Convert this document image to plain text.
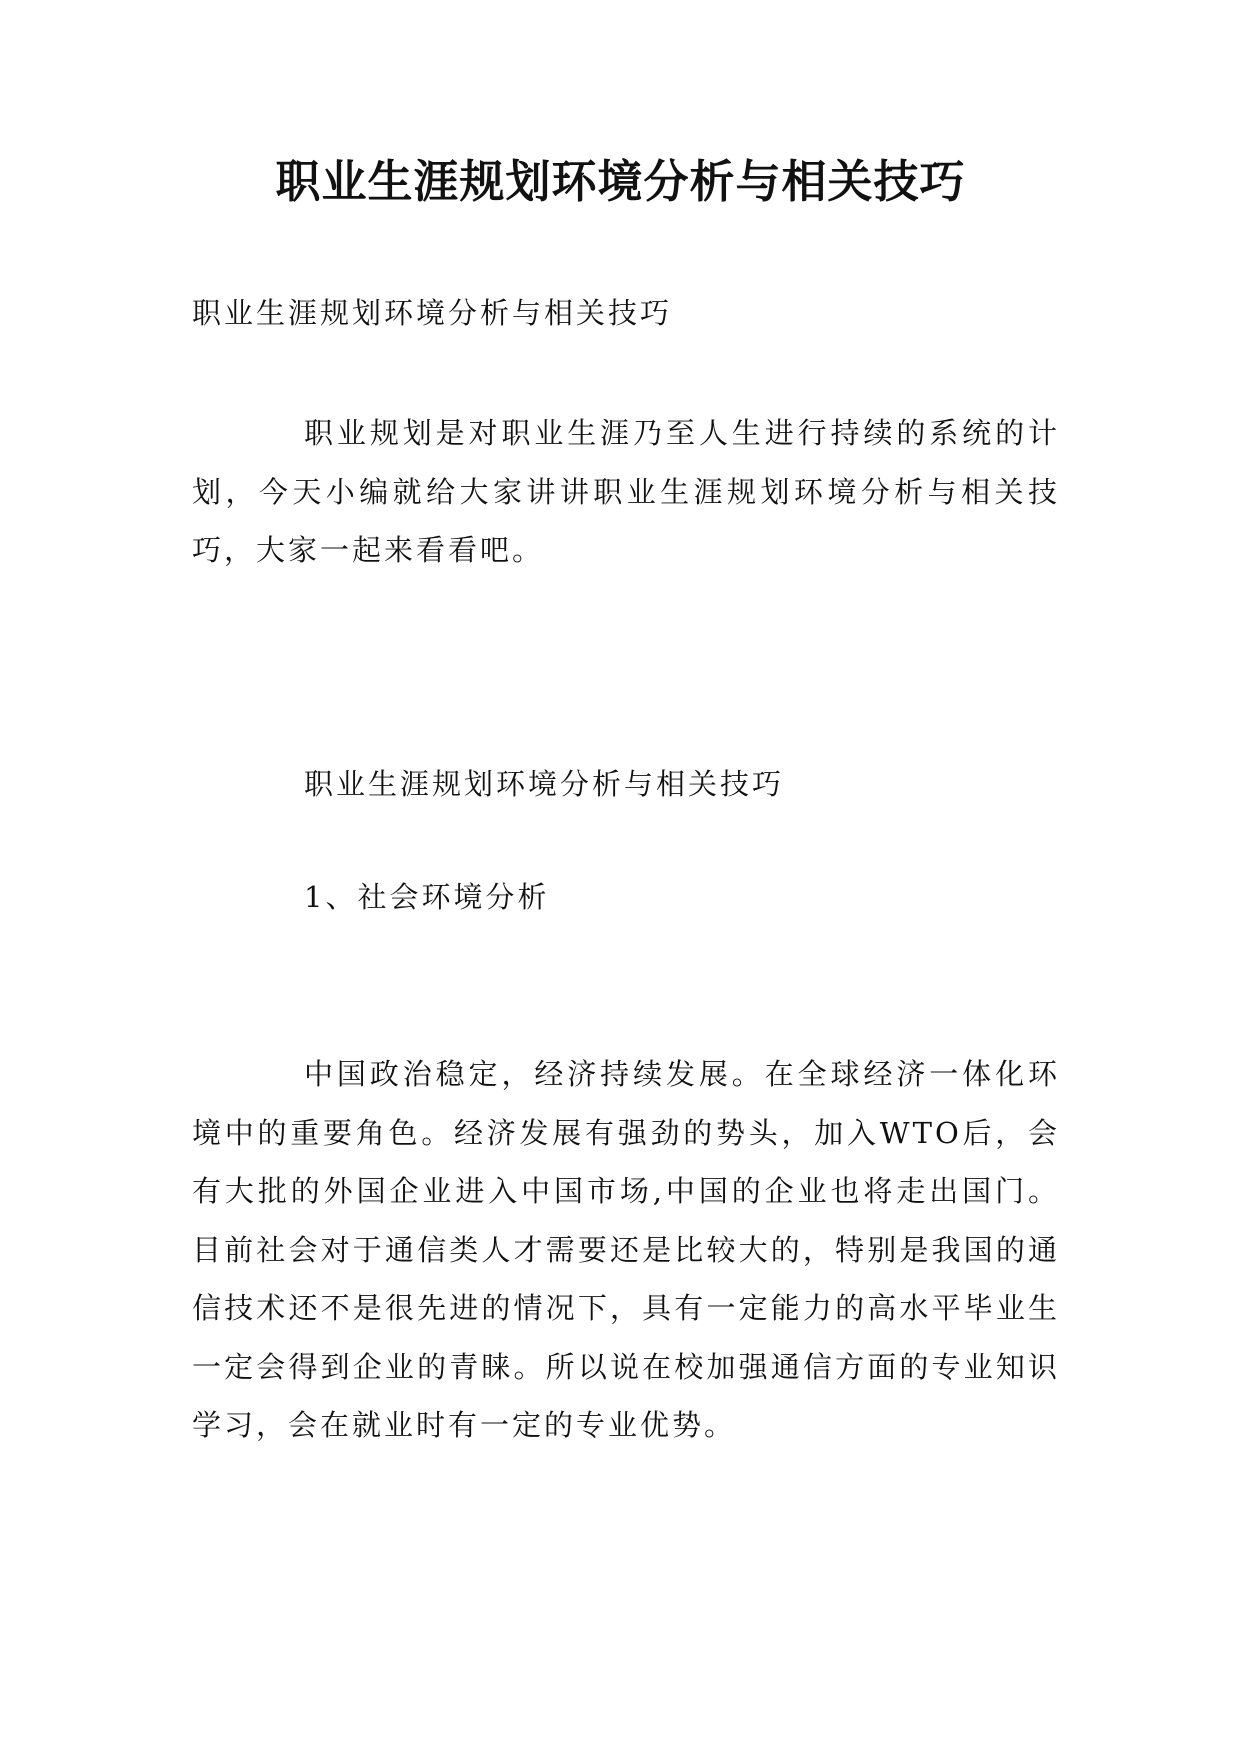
职业生涯规划环境分析与相关技巧
职业生涯规划环境分析与相关技巧

职业规划是对职业生涯乃至人生进行持续的系统的计划，今天小编就给大家讲讲职业生涯规划环境分析与相关技巧，大家一起来看看吧。

职业生涯规划环境分析与相关技巧
1、社会环境分析

中国政治稳定，经济持续发展。在全球经济一体化环境中的重要角色。经济发展有强劲的势头，加入WTO后，会有大批的外国企业进入中国市场,中国的企业也将走出国门。目前社会对于通信类人才需要还是比较大的，特别是我国的通信技术还不是很先进的情况下，具有一定能力的高水平毕业生一定会得到企业的青睐。所以说在校加强通信方面的专业知识学习，会在就业时有一定的专业优势。
